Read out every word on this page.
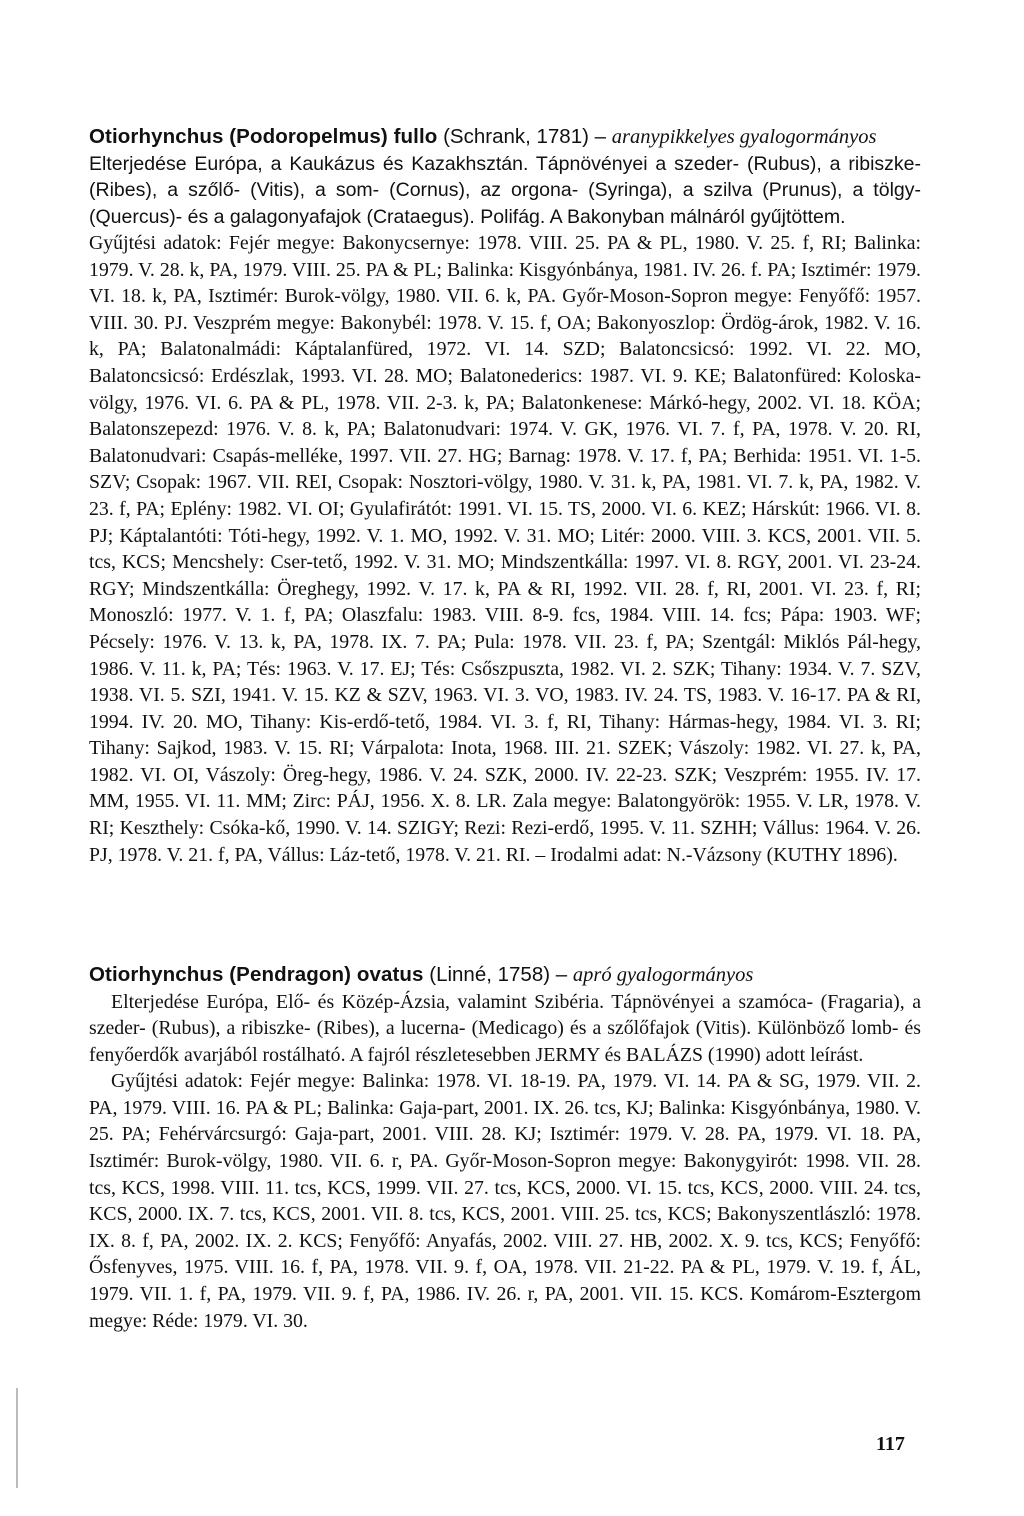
Otiorhynchus (Podoropelmus) fullo (Schrank, 1781) – aranypikkelyes gyalogormányos

Elterjedése Európa, a Kaukázus és Kazakhsztán. Tápnövényei a szeder- (Rubus), a ribiszke- (Ribes), a szőlő- (Vitis), a som- (Cornus), az orgona- (Syringa), a szilva (Prunus), a tölgy- (Quercus)- és a galagonyafajok (Crataegus). Polifág. A Bakonyban málnáról gyűjtöttem.

Gyűjtési adatok: Fejér megye: Bakonycsernye: 1978. VIII. 25. PA & PL, 1980. V. 25. f, RI; Balinka: 1979. V. 28. k, PA, 1979. VIII. 25. PA & PL; Balinka: Kisgyónbánya, 1981. IV. 26. f. PA; Isztimér: 1979. VI. 18. k, PA, Isztimér: Burok-völgy, 1980. VII. 6. k, PA. Győr-Moson-Sopron megye: Fenyőfő: 1957. VIII. 30. PJ. Veszprém megye: Bakonybél: 1978. V. 15. f, OA; Bakonyoszlop: Ördög-árok, 1982. V. 16. k, PA; Balatonalmádi: Káptalanfüred, 1972. VI. 14. SZD; Balatoncsicsó: 1992. VI. 22. MO, Balatoncsicsó: Erdészlak, 1993. VI. 28. MO; Balatonederics: 1987. VI. 9. KE; Balatonfüred: Koloska-völgy, 1976. VI. 6. PA & PL, 1978. VII. 2-3. k, PA; Balatonkenese: Márkó-hegy, 2002. VI. 18. KÖA; Balatonszepezd: 1976. V. 8. k, PA; Balatonudvari: 1974. V. GK, 1976. VI. 7. f, PA, 1978. V. 20. RI, Balatonudvari: Csapás-melléke, 1997. VII. 27. HG; Barnag: 1978. V. 17. f, PA; Berhida: 1951. VI. 1-5. SZV; Csopak: 1967. VII. REI, Csopak: Nosztori-völgy, 1980. V. 31. k, PA, 1981. VI. 7. k, PA, 1982. V. 23. f, PA; Eplény: 1982. VI. OI; Gyulafirátót: 1991. VI. 15. TS, 2000. VI. 6. KEZ; Hárskút: 1966. VI. 8. PJ; Káptalantóti: Tóti-hegy, 1992. V. 1. MO, 1992. V. 31. MO; Litér: 2000. VIII. 3. KCS, 2001. VII. 5. tcs, KCS; Mencshely: Cser-tető, 1992. V. 31. MO; Mindszentkálla: 1997. VI. 8. RGY, 2001. VI. 23-24. RGY; Mindszentkálla: Öreghegy, 1992. V. 17. k, PA & RI, 1992. VII. 28. f, RI, 2001. VI. 23. f, RI; Monoszló: 1977. V. 1. f, PA; Olaszfalu: 1983. VIII. 8-9. fcs, 1984. VIII. 14. fcs; Pápa: 1903. WF; Pécsely: 1976. V. 13. k, PA, 1978. IX. 7. PA; Pula: 1978. VII. 23. f, PA; Szentgál: Miklós Pál-hegy, 1986. V. 11. k, PA; Tés: 1963. V. 17. EJ; Tés: Csőszpuszta, 1982. VI. 2. SZK; Tihany: 1934. V. 7. SZV, 1938. VI. 5. SZI, 1941. V. 15. KZ & SZV, 1963. VI. 3. VO, 1983. IV. 24. TS, 1983. V. 16-17. PA & RI, 1994. IV. 20. MO, Tihany: Kis-erdő-tető, 1984. VI. 3. f, RI, Tihany: Hármas-hegy, 1984. VI. 3. RI; Tihany: Sajkod, 1983. V. 15. RI; Várpalota: Inota, 1968. III. 21. SZEK; Vászoly: 1982. VI. 27. k, PA, 1982. VI. OI, Vászoly: Öreg-hegy, 1986. V. 24. SZK, 2000. IV. 22-23. SZK; Veszprém: 1955. IV. 17. MM, 1955. VI. 11. MM; Zirc: PÁJ, 1956. X. 8. LR. Zala megye: Balatongyörök: 1955. V. LR, 1978. V. RI; Keszthely: Csóka-kő, 1990. V. 14. SZIGY; Rezi: Rezi-erdő, 1995. V. 11. SZHH; Vállus: 1964. V. 26. PJ, 1978. V. 21. f, PA, Vállus: Láz-tető, 1978. V. 21. RI. – Irodalmi adat: N.-Vázsony (KUTHY 1896).

Otiorhynchus (Pendragon) ovatus (Linné, 1758) – apró gyalogormányos

Elterjedése Európa, Elő- és Közép-Ázsia, valamint Szibéria. Tápnövényei a szamóca- (Fragaria), a szeder- (Rubus), a ribiszke- (Ribes), a lucerna- (Medicago) és a szőlőfajok (Vitis). Különböző lomb- és fenyőerdők avarjából rostálható. A fajról részletesebben JERMY és BALÁZS (1990) adott leírást.

Gyűjtési adatok: Fejér megye: Balinka: 1978. VI. 18-19. PA, 1979. VI. 14. PA & SG, 1979. VII. 2. PA, 1979. VIII. 16. PA & PL; Balinka: Gaja-part, 2001. IX. 26. tcs, KJ; Balinka: Kisgyónbánya, 1980. V. 25. PA; Fehérvárcsurgó: Gaja-part, 2001. VIII. 28. KJ; Isztimér: 1979. V. 28. PA, 1979. VI. 18. PA, Isztimér: Burok-völgy, 1980. VII. 6. r, PA. Győr-Moson-Sopron megye: Bakonygyirót: 1998. VII. 28. tcs, KCS, 1998. VIII. 11. tcs, KCS, 1999. VII. 27. tcs, KCS, 2000. VI. 15. tcs, KCS, 2000. VIII. 24. tcs, KCS, 2000. IX. 7. tcs, KCS, 2001. VII. 8. tcs, KCS, 2001. VIII. 25. tcs, KCS; Bakonyszentlászló: 1978. IX. 8. f, PA, 2002. IX. 2. KCS; Fenyőfő: Anyafás, 2002. VIII. 27. HB, 2002. X. 9. tcs, KCS; Fenyőfő: Ősfenyves, 1975. VIII. 16. f, PA, 1978. VII. 9. f, OA, 1978. VII. 21-22. PA & PL, 1979. V. 19. f, ÁL, 1979. VII. 1. f, PA, 1979. VII. 9. f, PA, 1986. IV. 26. r, PA, 2001. VII. 15. KCS. Komárom-Esztergom megye: Réde: 1979. VI. 30.

117
